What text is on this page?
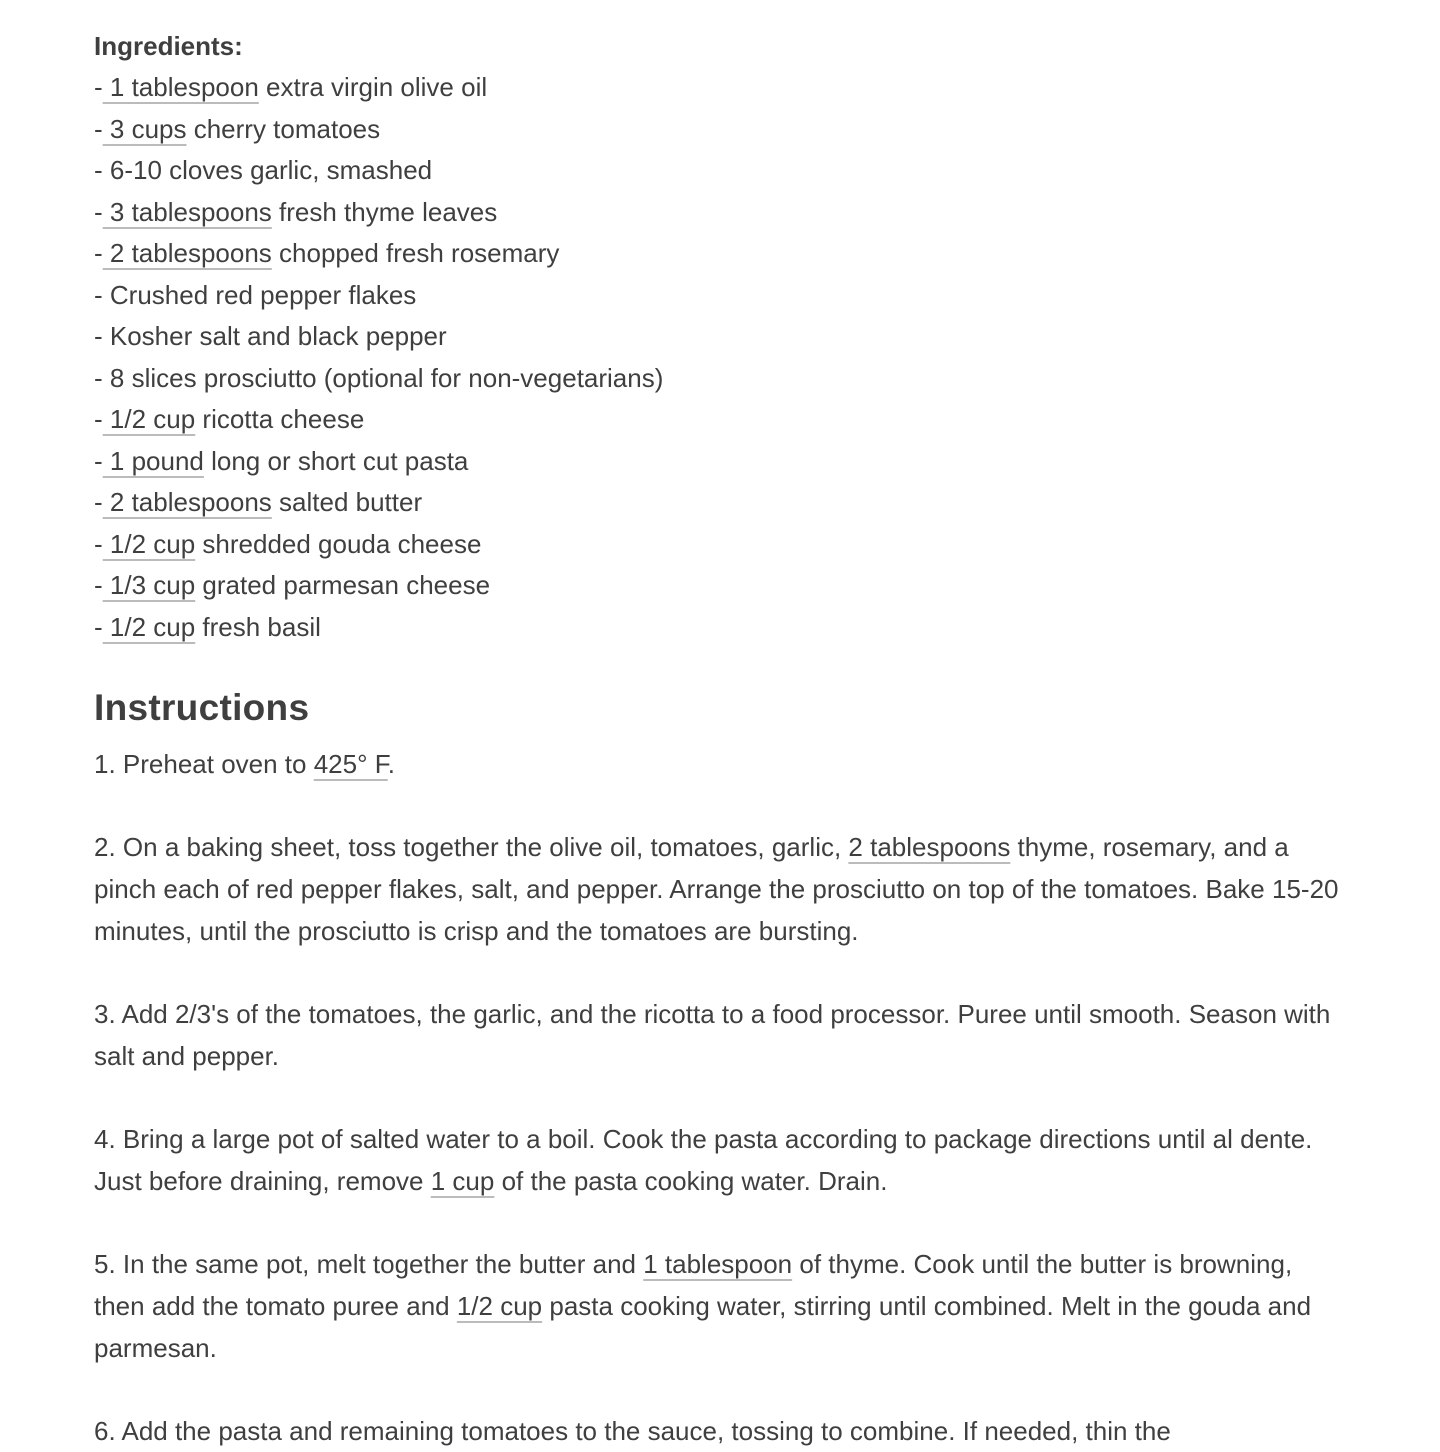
Ingredients:
- 1 tablespoon extra virgin olive oil
- 3 cups cherry tomatoes
- 6-10 cloves garlic, smashed
- 3 tablespoons fresh thyme leaves
- 2 tablespoons chopped fresh rosemary
- Crushed red pepper flakes
- Kosher salt and black pepper
- 8 slices prosciutto (optional for non-vegetarians)
- 1/2 cup ricotta cheese
- 1 pound long or short cut pasta
- 2 tablespoons salted butter
- 1/2 cup shredded gouda cheese
- 1/3 cup grated parmesan cheese
- 1/2 cup fresh basil
Instructions

1. Preheat oven to 425° F.

2. On a baking sheet, toss together the olive oil, tomatoes, garlic, 2 tablespoons thyme, rosemary, and a pinch each of red pepper flakes, salt, and pepper. Arrange the prosciutto on top of the tomatoes. Bake 15-20 minutes, until the prosciutto is crisp and the tomatoes are bursting.

3. Add 2/3's of the tomatoes, the garlic, and the ricotta to a food processor. Puree until smooth. Season with salt and pepper.

4. Bring a large pot of salted water to a boil. Cook the pasta according to package directions until al dente. Just before draining, remove 1 cup of the pasta cooking water. Drain.

5. In the same pot, melt together the butter and 1 tablespoon of thyme. Cook until the butter is browning, then add the tomato puree and 1/2 cup pasta cooking water, stirring until combined. Melt in the gouda and parmesan.

6. Add the pasta and remaining tomatoes to the sauce, tossing to combine. If needed, thin the
